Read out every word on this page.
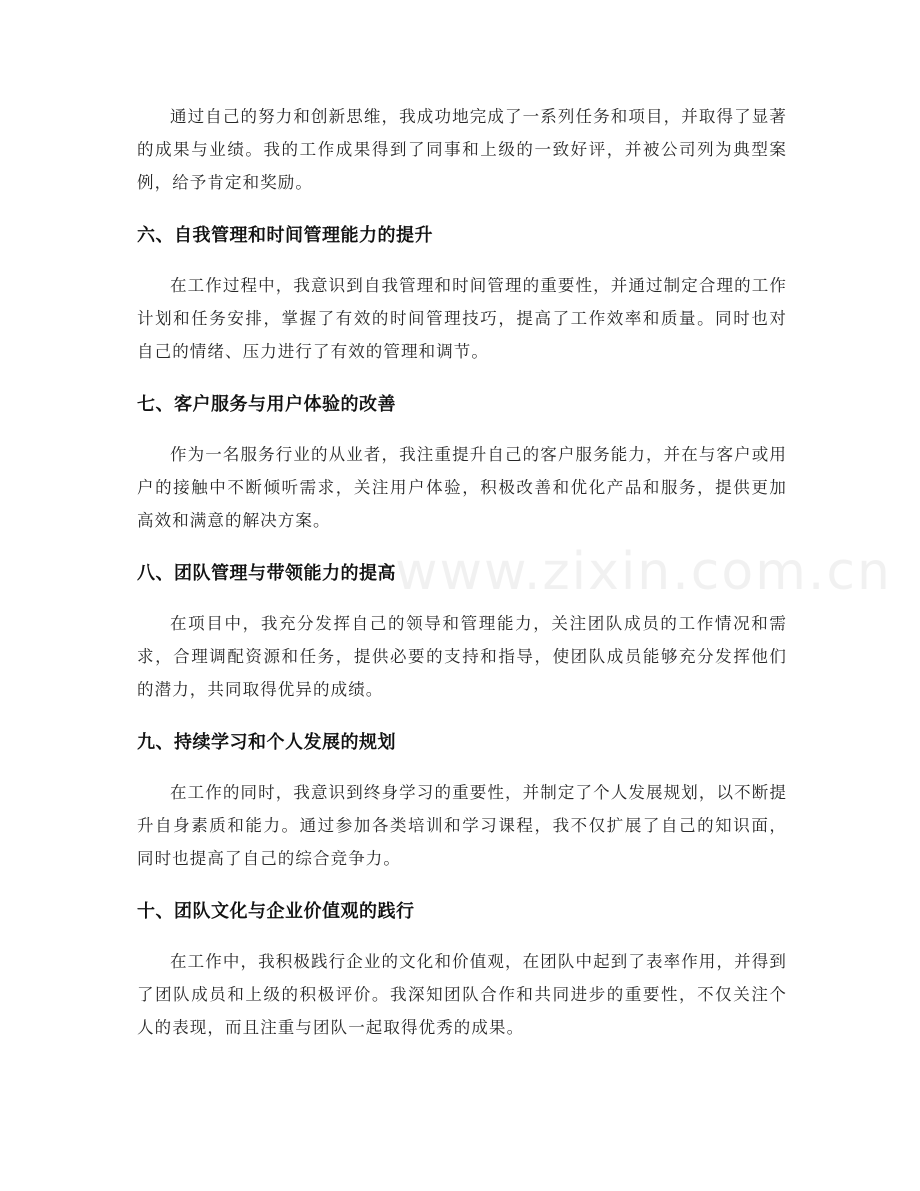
通过自己的努力和创新思维，我成功地完成了一系列任务和项目，并取得了显著的成果与业绩。我的工作成果得到了同事和上级的一致好评，并被公司列为典型案例，给予肯定和奖励。

六、自我管理和时间管理能力的提升

在工作过程中，我意识到自我管理和时间管理的重要性，并通过制定合理的工作计划和任务安排，掌握了有效的时间管理技巧，提高了工作效率和质量。同时也对自己的情绪、压力进行了有效的管理和调节。

七、客户服务与用户体验的改善

作为一名服务行业的从业者，我注重提升自己的客户服务能力，并在与客户或用户的接触中不断倾听需求，关注用户体验，积极改善和优化产品和服务，提供更加高效和满意的解决方案。

八、团队管理与带领能力的提高

在项目中，我充分发挥自己的领导和管理能力，关注团队成员的工作情况和需求，合理调配资源和任务，提供必要的支持和指导，使团队成员能够充分发挥他们的潜力，共同取得优异的成绩。

九、持续学习和个人发展的规划

在工作的同时，我意识到终身学习的重要性，并制定了个人发展规划，以不断提升自身素质和能力。通过参加各类培训和学习课程，我不仅扩展了自己的知识面，同时也提高了自己的综合竞争力。

十、团队文化与企业价值观的践行

在工作中，我积极践行企业的文化和价值观，在团队中起到了表率作用，并得到了团队成员和上级的积极评价。我深知团队合作和共同进步的重要性，不仅关注个人的表现，而且注重与团队一起取得优秀的成果。

www.zixin.com.cn
